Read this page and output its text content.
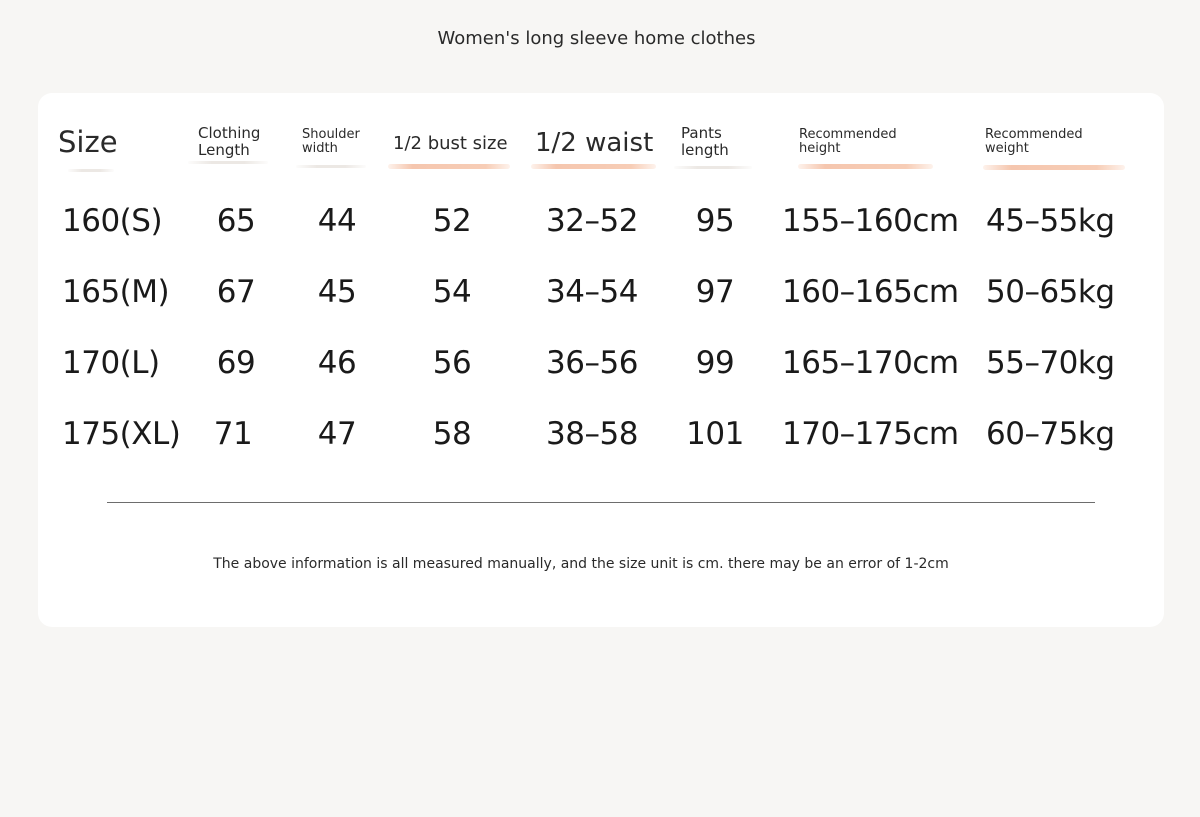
Women's long sleeve home clothes
Size	Clothing
Length
Shoulder
width	1/2 bust size 1/2 waist Pants
length
Recommended
height
Recommended
weight
160(S) 65 44 52 32–52 95 155–160cm 45–55kg
165(M) 67 45 54 34–54 97 160–165cm 50–65kg
170(L) 69 46 56 36–56 99 165–170cm 55–70kg
175(XL) 71 47 58 38–58 101 170–175cm 60–75kg
The above information is all measured manually, and the size unit is cm. there may be an error of 1-2cm
